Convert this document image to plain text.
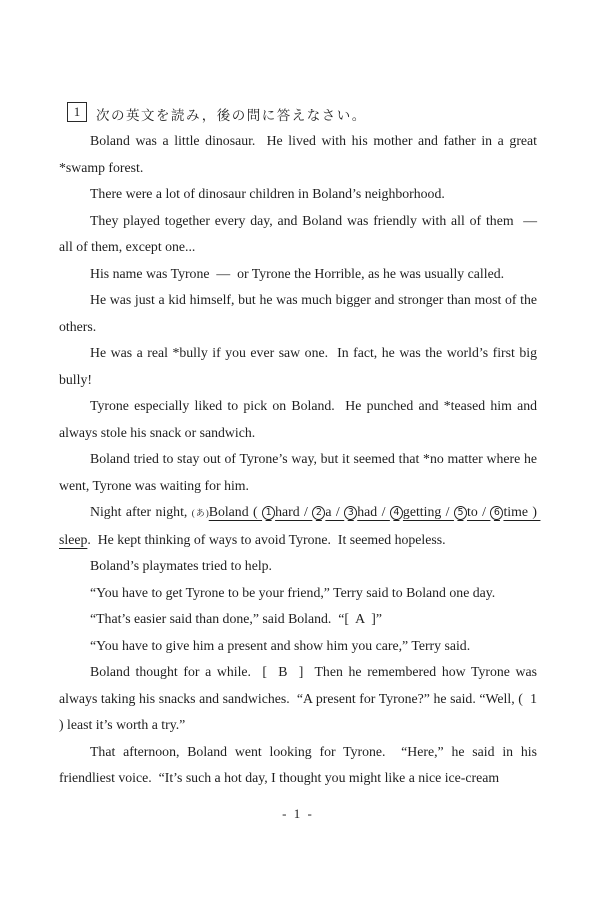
1 次の英文を読み，後の問に答えなさい。

Boland was a little dinosaur.  He lived with his mother and father in a great *swamp forest.

There were a lot of dinosaur children in Boland’s neighborhood.

They played together every day, and Boland was friendly with all of them  —  all of them, except one...

His name was Tyrone  —  or Tyrone the Horrible, as he was usually called.

He was just a kid himself, but he was much bigger and stronger than most of the others.

He was a real *bully if you ever saw one.  In fact, he was the world’s first big bully!

Tyrone especially liked to pick on Boland.  He punched and *teased him and always stole his snack or sandwich.

Boland tried to stay out of Tyrone’s way, but it seemed that *no matter where he went, Tyrone was waiting for him.

Night after night, (あ)Boland ( 1 hard / 2 a / 3 had / 4 getting / 5 to / 6 time ) sleep.  He kept thinking of ways to avoid Tyrone.  It seemed hopeless.

Boland’s playmates tried to help.

“You have to get Tyrone to be your friend,” Terry said to Boland one day.

“That’s easier said than done,” said Boland.  “[  A  ]”

“You have to give him a present and show him you care,” Terry said.

Boland thought for a while.  [  B  ]  Then he remembered how Tyrone was always taking his snacks and sandwiches.  “A present for Tyrone?” he said. “Well, (  1  ) least it’s worth a try.”

That afternoon, Boland went looking for Tyrone.  “Here,” he said in his friendliest voice.  “It’s such a hot day, I thought you might like a nice ice-cream

- 1 -
